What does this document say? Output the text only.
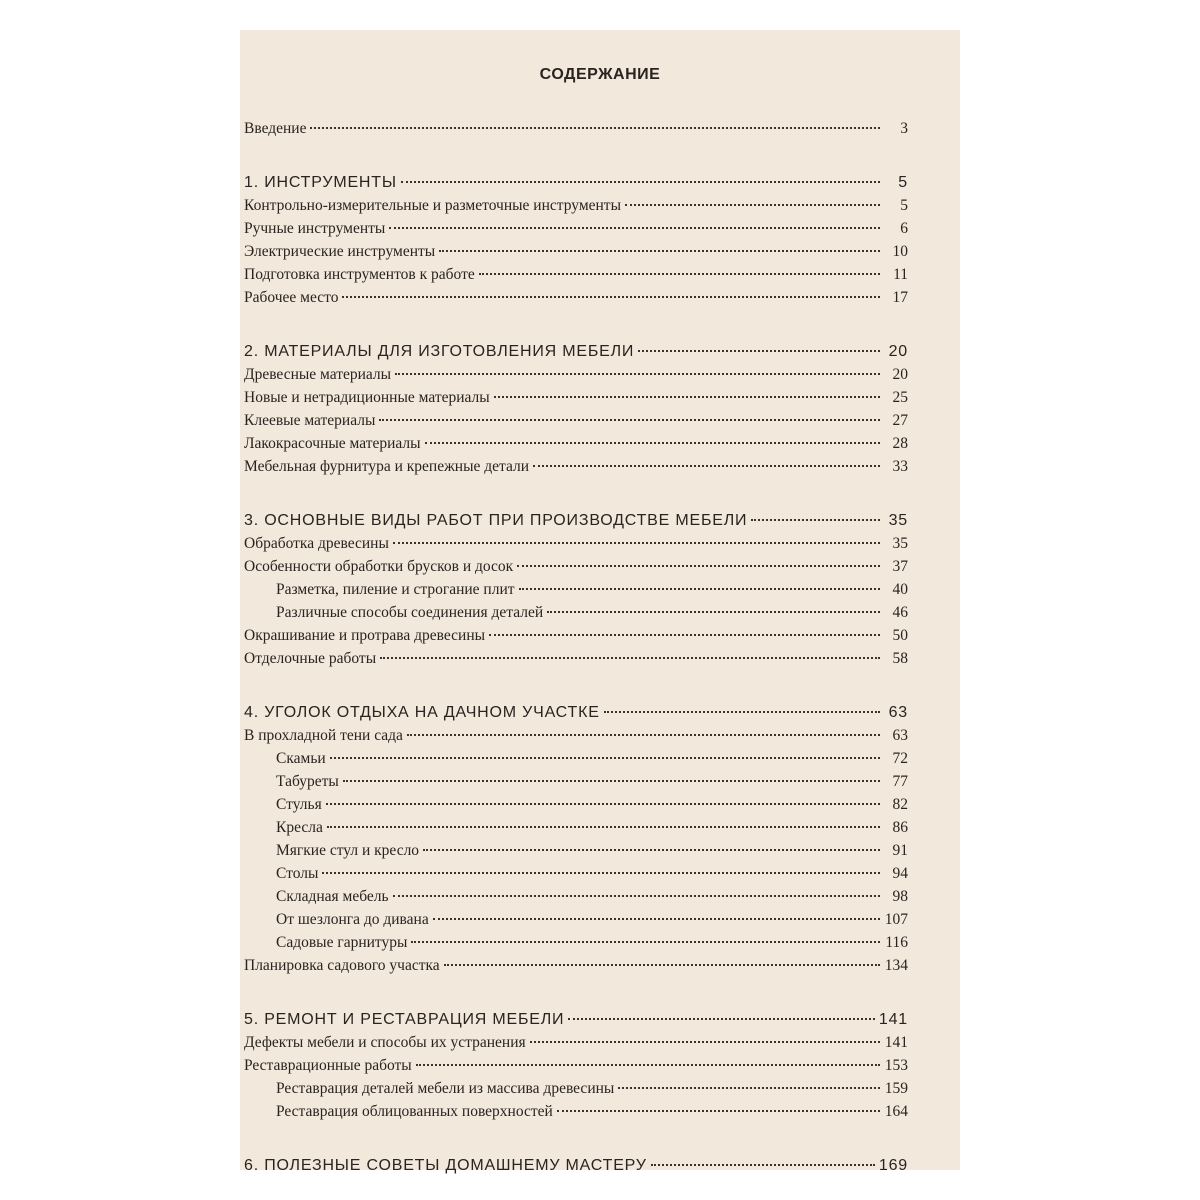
СОДЕРЖАНИЕ
Введение	3
1. ИНСТРУМЕНТЫ	5
Контрольно-измерительные и разметочные инструменты	5
Ручные инструменты	6
Электрические инструменты	10
Подготовка инструментов к работе	11
Рабочее место	17
2. МАТЕРИАЛЫ ДЛЯ ИЗГОТОВЛЕНИЯ МЕБЕЛИ	20
Древесные материалы	20
Новые и нетрадиционные материалы	25
Клеевые материалы	27
Лакокрасочные материалы	28
Мебельная фурнитура и крепежные детали	33
3. ОСНОВНЫЕ ВИДЫ РАБОТ ПРИ ПРОИЗВОДСТВЕ МЕБЕЛИ	35
Обработка древесины	35
Особенности обработки брусков и досок	37
Разметка, пиление и строгание плит	40
Различные способы соединения деталей	46
Окрашивание и протрава древесины	50
Отделочные работы	58
4. УГОЛОК ОТДЫХА НА ДАЧНОМ УЧАСТКЕ	63
В прохладной тени сада	63
Скамьи	72
Табуреты	77
Стулья	82
Кресла	86
Мягкие стул и кресло	91
Столы	94
Складная мебель	98
От шезлонга до дивана	107
Садовые гарнитуры	116
Планировка садового участка	134
5. РЕМОНТ И РЕСТАВРАЦИЯ МЕБЕЛИ	141
Дефекты мебели и способы их устранения	141
Реставрационные работы	153
Реставрация деталей мебели из массива древесины	159
Реставрация облицованных поверхностей	164
6. ПОЛЕЗНЫЕ СОВЕТЫ ДОМАШНЕМУ МАСТЕРУ	169
